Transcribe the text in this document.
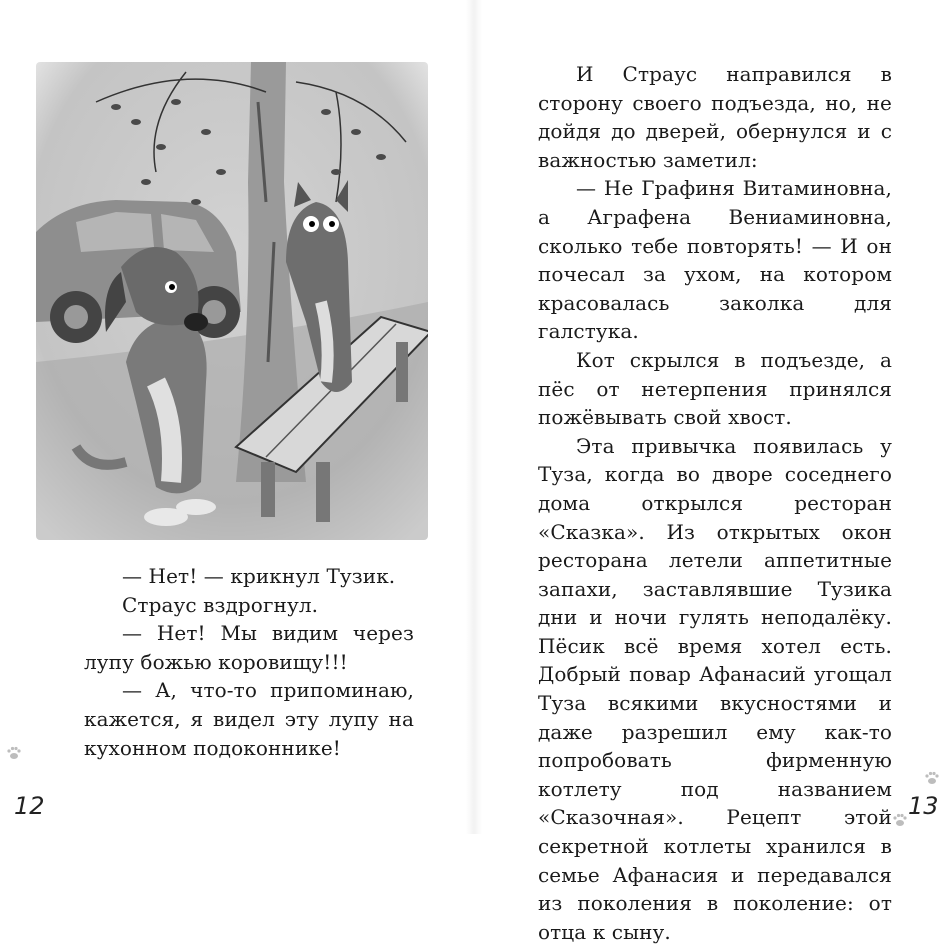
— Нет! — крикнул Тузик.

Страус вздрогнул.

— Нет! Мы видим через лупу божью коровищу!!!

— А, что-то припоминаю, кажется, я видел эту лупу на кухонном подоконнике!

12

И Страус направился в сторону своего подъезда, но, не дойдя до дверей, обернулся и с важностью заметил:

— Не Графиня Витаминовна, а Аграфена Вениаминовна, сколько тебе повторять! — И он почесал за ухом, на котором красовалась заколка для галстука.

Кот скрылся в подъезде, а пёс от нетерпения принялся пожёвывать свой хвост.

Эта привычка появилась у Туза, когда во дворе соседнего дома открылся ресторан «Сказка». Из открытых окон ресторана летели аппетитные запахи, заставлявшие Тузика дни и ночи гулять неподалёку. Пёсик всё время хотел есть. Добрый повар Афанасий угощал Туза всякими вкусностями и даже разрешил ему как-то попробовать фирменную котлету под названием «Сказочная». Рецепт этой секретной котлеты хранился в семье Афанасия и передавался из поколения в поколение: от отца к сыну.

13
